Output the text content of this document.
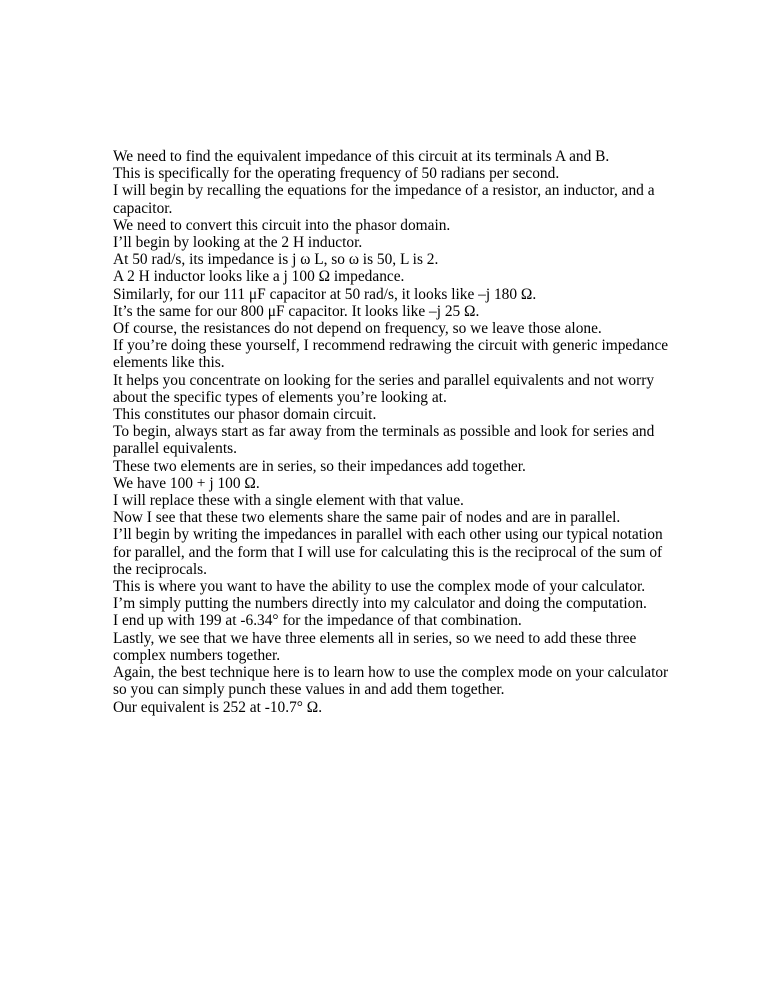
We need to find the equivalent impedance of this circuit at its terminals A and B.

This is specifically for the operating frequency of 50 radians per second.

I will begin by recalling the equations for the impedance of a resistor, an inductor, and a capacitor.

We need to convert this circuit into the phasor domain.

I’ll begin by looking at the 2 H inductor.

At 50 rad/s, its impedance is j ω L, so ω is 50, L is 2.

A 2 H inductor looks like a j 100 Ω impedance.

Similarly, for our 111 μF capacitor at 50 rad/s, it looks like –j 180 Ω.

It’s the same for our 800 μF capacitor. It looks like –j 25 Ω.

Of course, the resistances do not depend on frequency, so we leave those alone.

If you’re doing these yourself, I recommend redrawing the circuit with generic impedance elements like this.

It helps you concentrate on looking for the series and parallel equivalents and not worry about the specific types of elements you’re looking at.

This constitutes our phasor domain circuit.

To begin, always start as far away from the terminals as possible and look for series and parallel equivalents.

These two elements are in series, so their impedances add together.

We have 100 + j 100 Ω.

I will replace these with a single element with that value.

Now I see that these two elements share the same pair of nodes and are in parallel.

I’ll begin by writing the impedances in parallel with each other using our typical notation for parallel, and the form that I will use for calculating this is the reciprocal of the sum of the reciprocals.

This is where you want to have the ability to use the complex mode of your calculator.

I’m simply putting the numbers directly into my calculator and doing the computation.

I end up with 199 at -6.34° for the impedance of that combination.

Lastly, we see that we have three elements all in series, so we need to add these three complex numbers together.

Again, the best technique here is to learn how to use the complex mode on your calculator so you can simply punch these values in and add them together.

Our equivalent is 252 at -10.7° Ω.
